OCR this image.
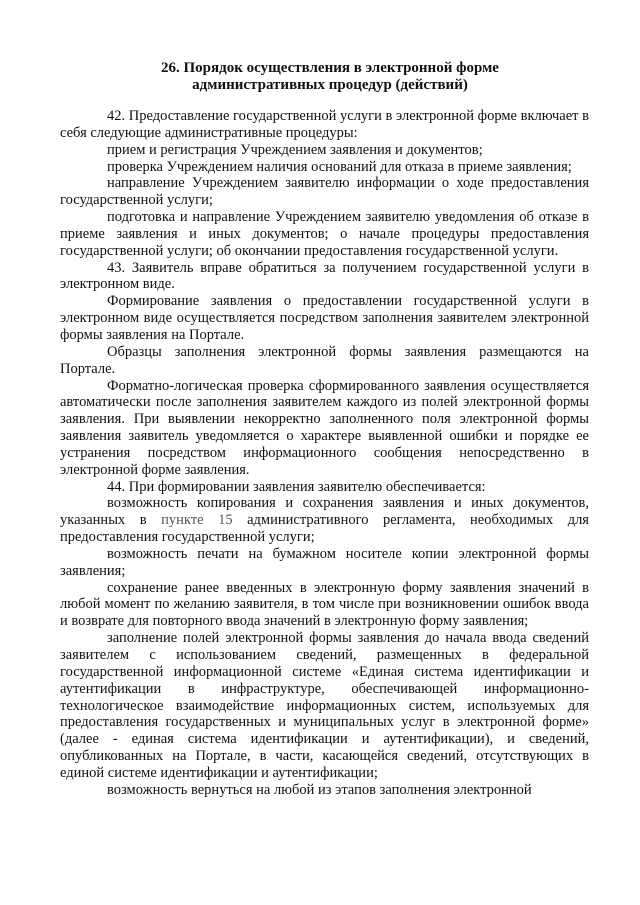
26. Порядок осуществления в электронной форме
административных процедур (действий)

42. Предоставление государственной услуги в электронной форме включает в себя следующие административные процедуры:

прием и регистрация Учреждением заявления и документов;

проверка Учреждением наличия оснований для отказа в приеме заявления;

направление Учреждением заявителю информации о ходе предоставления государственной услуги;

подготовка и направление Учреждением заявителю уведомления об отказе в приеме заявления и иных документов; о начале процедуры предоставления государственной услуги; об окончании предоставления государственной услуги.

43. Заявитель вправе обратиться за получением государственной услуги в электронном виде.

Формирование заявления о предоставлении государственной услуги в электронном виде осуществляется посредством заполнения заявителем электронной формы заявления на Портале.

Образцы заполнения электронной формы заявления размещаются на Портале.

Форматно-логическая проверка сформированного заявления осуществляется автоматически после заполнения заявителем каждого из полей электронной формы заявления. При выявлении некорректно заполненного поля электронной формы заявления заявитель уведомляется о характере выявленной ошибки и порядке ее устранения посредством информационного сообщения непосредственно в электронной форме заявления.

44. При формировании заявления заявителю обеспечивается:

возможность копирования и сохранения заявления и иных документов, указанных в пункте 15 административного регламента, необходимых для предоставления государственной услуги;

возможность печати на бумажном носителе копии электронной формы заявления;

сохранение ранее введенных в электронную форму заявления значений в любой момент по желанию заявителя, в том числе при возникновении ошибок ввода и возврате для повторного ввода значений в электронную форму заявления;

заполнение полей электронной формы заявления до начала ввода сведений заявителем с использованием сведений, размещенных в федеральной государственной информационной системе «Единая система идентификации и аутентификации в инфраструктуре, обеспечивающей информационно-технологическое взаимодействие информационных систем, используемых для предоставления государственных и муниципальных услуг в электронной форме» (далее - единая система идентификации и аутентификации), и сведений, опубликованных на Портале, в части, касающейся сведений, отсутствующих в единой системе идентификации и аутентификации;

возможность вернуться на любой из этапов заполнения электронной
